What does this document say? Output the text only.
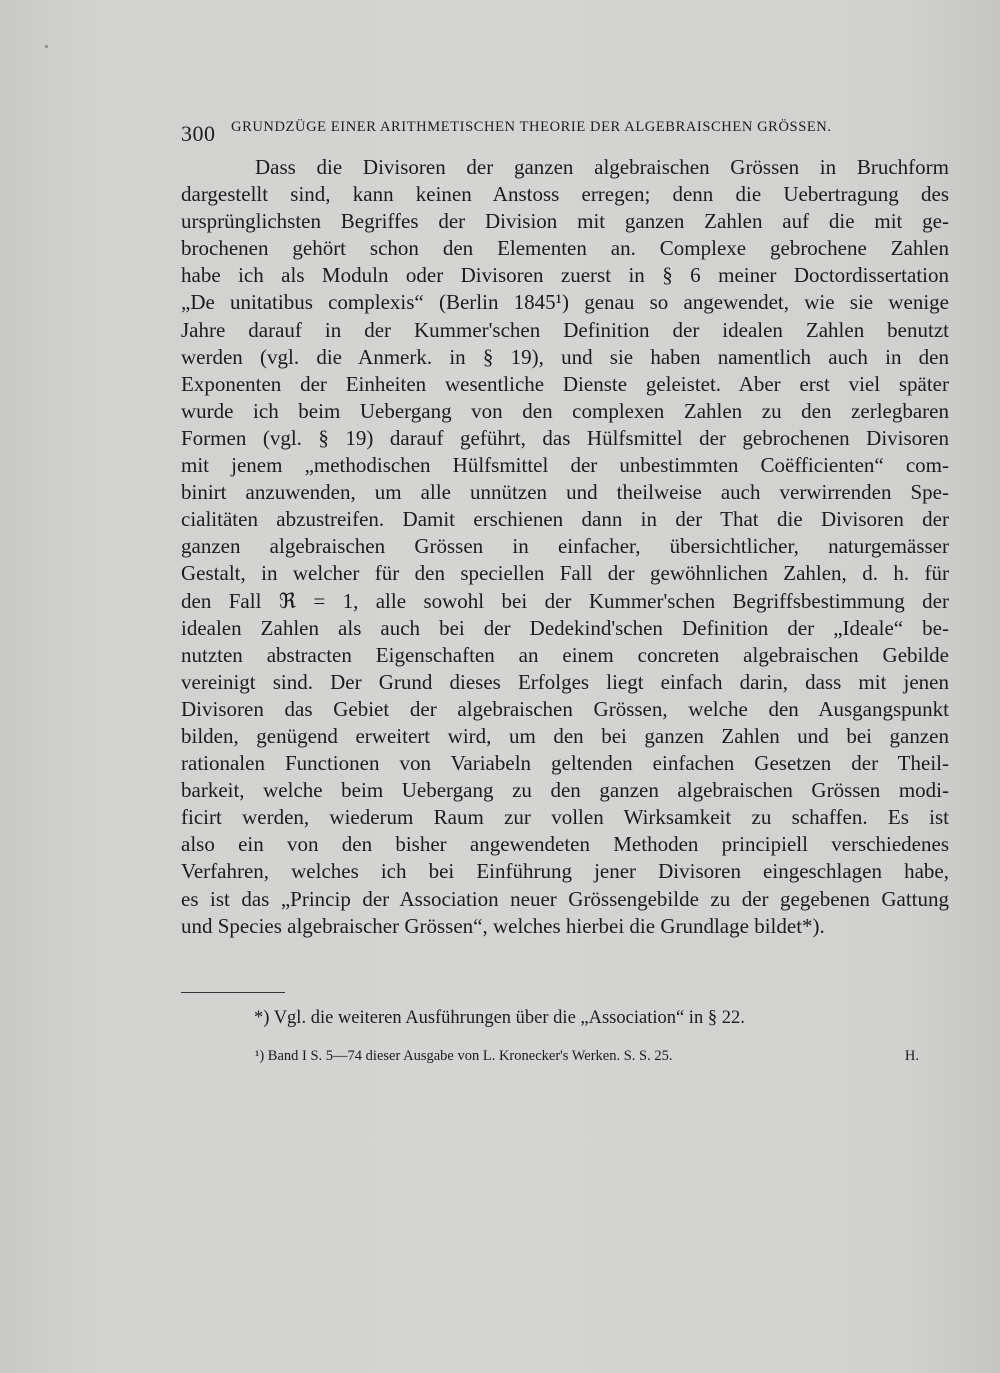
300 GRUNDZÜGE EINER ARITHMETISCHEN THEORIE DER ALGEBRAISCHEN GRÖSSEN.
Dass die Divisoren der ganzen algebraischen Grössen in Bruchform
dargestellt sind, kann keinen Anstoss erregen; denn die Uebertragung des
ursprünglichsten Begriffes der Division mit ganzen Zahlen auf die mit ge-
brochenen gehört schon den Elementen an. Complexe gebrochene Zahlen
habe ich als Moduln oder Divisoren zuerst in § 6 meiner Doctordissertation
„De unitatibus complexis“ (Berlin 1845¹) genau so angewendet, wie sie wenige
Jahre darauf in der Kummer'schen Definition der idealen Zahlen benutzt
werden (vgl. die Anmerk. in § 19), und sie haben namentlich auch in den
Exponenten der Einheiten wesentliche Dienste geleistet. Aber erst viel später
wurde ich beim Uebergang von den complexen Zahlen zu den zerlegbaren
Formen (vgl. § 19) darauf geführt, das Hülfsmittel der gebrochenen Divisoren
mit jenem „methodischen Hülfsmittel der unbestimmten Coëfficienten“ com-
binirt anzuwenden, um alle unnützen und theilweise auch verwirrenden Spe-
cialitäten abzustreifen. Damit erschienen dann in der That die Divisoren der
ganzen algebraischen Grössen in einfacher, übersichtlicher, naturgemässer
Gestalt, in welcher für den speciellen Fall der gewöhnlichen Zahlen, d. h. für
den Fall ℜ = 1, alle sowohl bei der Kummer'schen Begriffsbestimmung der
idealen Zahlen als auch bei der Dedekind'schen Definition der „Ideale“ be-
nutzten abstracten Eigenschaften an einem concreten algebraischen Gebilde
vereinigt sind. Der Grund dieses Erfolges liegt einfach darin, dass mit jenen
Divisoren das Gebiet der algebraischen Grössen, welche den Ausgangspunkt
bilden, genügend erweitert wird, um den bei ganzen Zahlen und bei ganzen
rationalen Functionen von Variabeln geltenden einfachen Gesetzen der Theil-
barkeit, welche beim Uebergang zu den ganzen algebraischen Grössen modi-
ficirt werden, wiederum Raum zur vollen Wirksamkeit zu schaffen. Es ist
also ein von den bisher angewendeten Methoden principiell verschiedenes
Verfahren, welches ich bei Einführung jener Divisoren eingeschlagen habe,
es ist das „Princip der Association neuer Grössengebilde zu der gegebenen Gattung
und Species algebraischer Grössen“, welches hierbei die Grundlage bildet*).
*) Vgl. die weiteren Ausführungen über die „Association“ in § 22.
¹) Band I S. 5—74 dieser Ausgabe von L. Kronecker's Werken. S. S. 25.	H.
